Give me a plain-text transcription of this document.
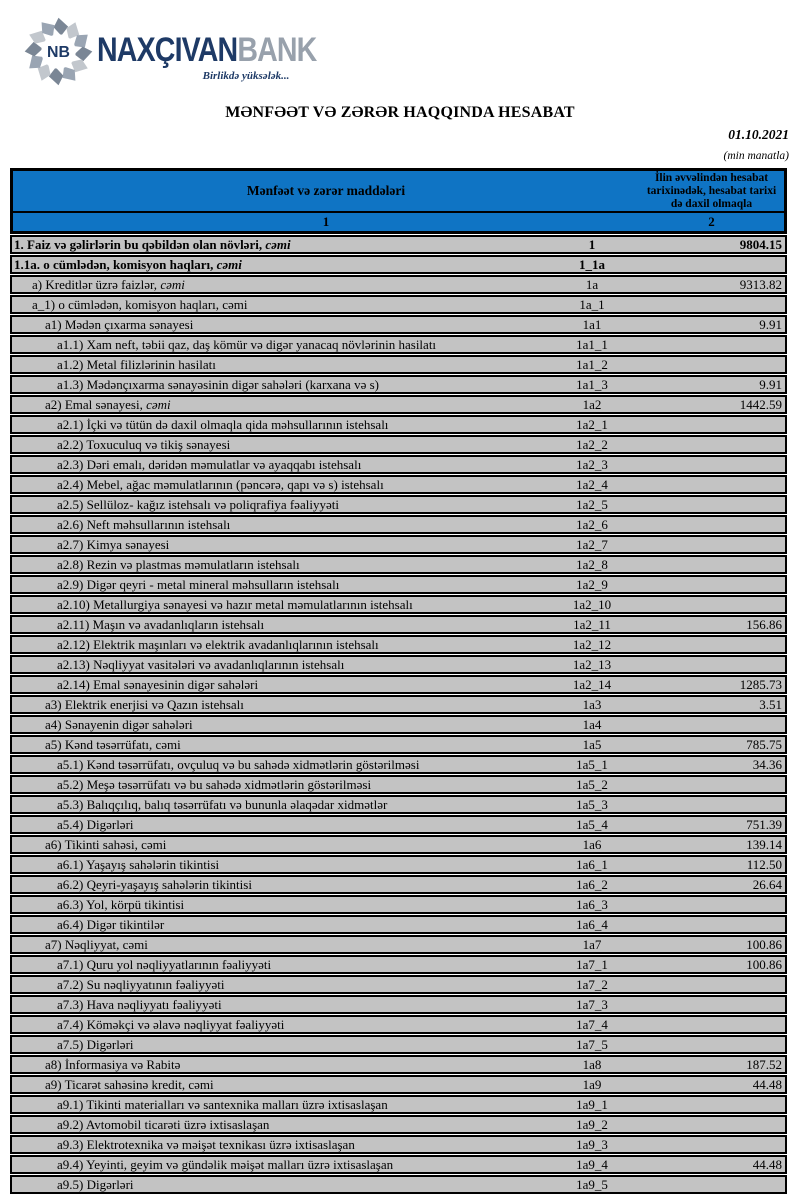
NB NAXÇIVANBANK
Birlikdə yüksələk...
MƏNFƏƏT VƏ ZƏRƏR HAQQINDA HESABAT
01.10.2021
(min manatla)
Mənfəət və zərər maddələri
İlin əvvəlindən hesabat tarixinədək, hesabat tarixi də daxil olmaqla
1	2
1. Faiz və gəlirlərin bu qəbildən olan növləri, cəmi	1	9804.15
1.1a. o cümlədən, komisyon haqları, cəmi	1_1a
a) Kreditlər üzrə faizlər, cəmi	1a	9313.82
a_1) o cümlədən, komisyon haqları, cəmi	1a_1
a1) Mədən çıxarma sənayesi	1a1	9.91
a1.1) Xam neft, təbii qaz, daş kömür və digər yanacaq növlərinin hasilatı	1a1_1
a1.2) Metal filizlərinin hasilatı	1a1_2
a1.3) Mədənçıxarma sənayəsinin digər sahələri (karxana və s)	1a1_3	9.91
a2) Emal sənayesi, cəmi	1a2	1442.59
a2.1) İçki və tütün də daxil olmaqla qida məhsullarının istehsalı	1a2_1
a2.2) Toxuculuq və tikiş sənayesi	1a2_2
a2.3) Dəri emalı, dəridən məmulatlar və ayaqqabı istehsalı	1a2_3
a2.4) Mebel, ağac məmulatlarının (pəncərə, qapı və s) istehsalı	1a2_4
a2.5) Sellüloz- kağız istehsalı və poliqrafiya fəaliyyəti	1a2_5
a2.6) Neft məhsullarının istehsalı	1a2_6
a2.7) Kimya sənayesi	1a2_7
a2.8) Rezin və plastmas məmulatların istehsalı	1a2_8
a2.9) Digər qeyri - metal mineral məhsulların istehsalı	1a2_9
a2.10) Metallurgiya sənayesi və hazır metal məmulatlarının istehsalı	1a2_10
a2.11) Maşın və avadanlıqların istehsalı	1a2_11	156.86
a2.12) Elektrik maşınları və elektrik avadanlıqlarının istehsalı	1a2_12
a2.13) Nəqliyyat vasitələri və avadanlıqlarının istehsalı	1a2_13
a2.14) Emal sənayesinin digər sahələri	1a2_14	1285.73
a3) Elektrik enerjisi və Qazın istehsalı	1a3	3.51
a4) Sənayenin digər sahələri	1a4
a5) Kənd təsərrüfatı, cəmi	1a5	785.75
a5.1) Kənd təsərrüfatı, ovçuluq və bu sahədə xidmətlərin göstərilməsi	1a5_1	34.36
a5.2) Meşə təsərrüfatı və bu sahədə xidmətlərin göstərilməsi	1a5_2
a5.3) Balıqçılıq, balıq təsərrüfatı və bununla əlaqədar xidmətlər	1a5_3
a5.4) Digərləri	1a5_4	751.39
a6) Tikinti sahəsi, cəmi	1a6	139.14
a6.1) Yaşayış sahələrin tikintisi	1a6_1	112.50
a6.2) Qeyri-yaşayış sahələrin tikintisi	1a6_2	26.64
a6.3) Yol, körpü tikintisi	1a6_3
a6.4) Digər tikintilər	1a6_4
a7) Nəqliyyat, cəmi	1a7	100.86
a7.1) Quru yol nəqliyyatlarının fəaliyyəti	1a7_1	100.86
a7.2) Su nəqliyyatının fəaliyyəti	1a7_2
a7.3) Hava nəqliyyatı fəaliyyəti	1a7_3
a7.4) Köməkçi və əlavə nəqliyyat fəaliyyəti	1a7_4
a7.5) Digərləri	1a7_5
a8) İnformasiya və Rabitə	1a8	187.52
a9) Ticarət sahəsinə kredit, cəmi	1a9	44.48
a9.1) Tikinti materialları və santexnika malları üzrə ixtisaslaşan	1a9_1
a9.2) Avtomobil ticarəti üzrə ixtisaslaşan	1a9_2
a9.3) Elektrotexnika və məişət texnikası üzrə ixtisaslaşan	1a9_3
a9.4) Yeyinti, geyim və gündəlik məişət malları üzrə ixtisaslaşan	1a9_4	44.48
a9.5) Digərləri	1a9_5
